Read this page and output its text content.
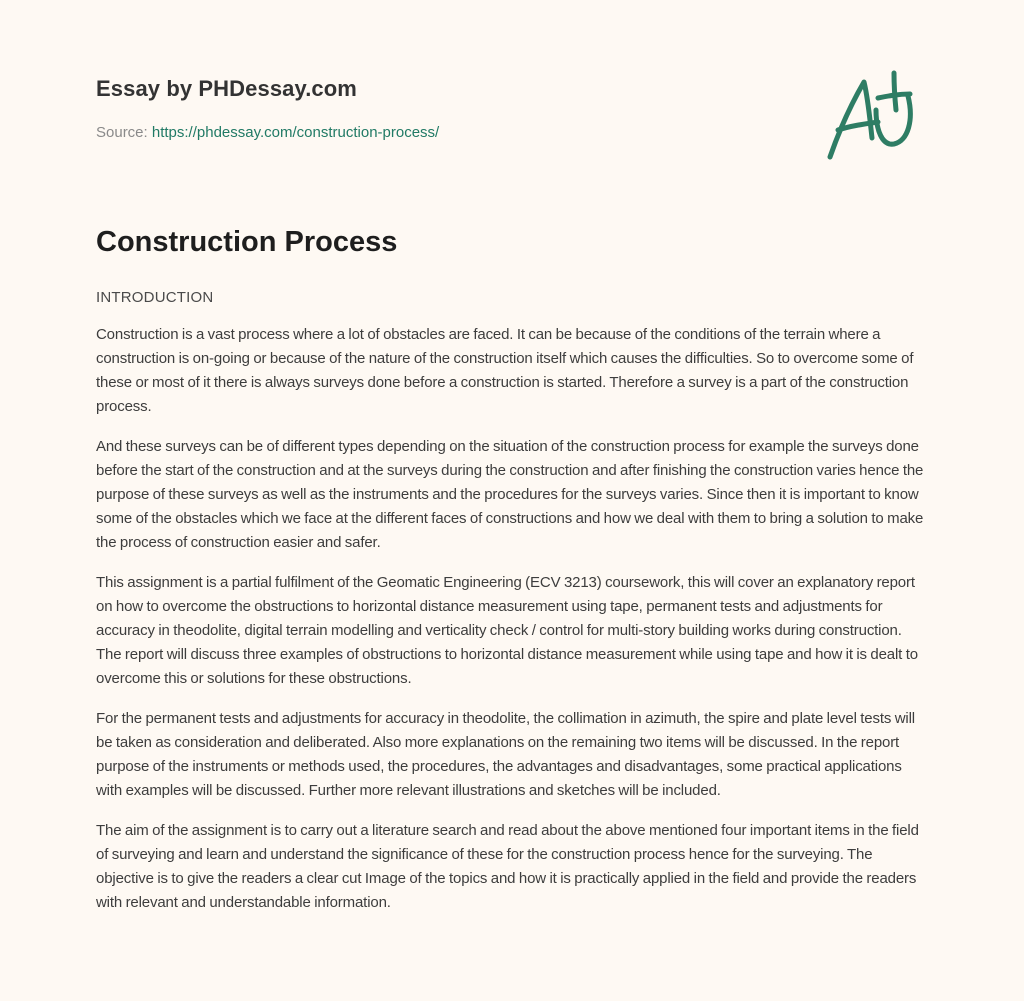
Essay by PHDessay.com
Source: https://phdessay.com/construction-process/
Construction Process

INTRODUCTION

Construction is a vast process where a lot of obstacles are faced. It can be because of the conditions of the terrain where a construction is on-going or because of the nature of the construction itself which causes the difficulties. So to overcome some of these or most of it there is always surveys done before a construction is started. Therefore a survey is a part of the construction process.

And these surveys can be of different types depending on the situation of the construction process for example the surveys done before the start of the construction and at the surveys during the construction and after finishing the construction varies hence the purpose of these surveys as well as the instruments and the procedures for the surveys varies. Since then it is important to know some of the obstacles which we face at the different faces of constructions and how we deal with them to bring a solution to make the process of construction easier and safer.

This assignment is a partial fulfilment of the Geomatic Engineering (ECV 3213) coursework, this will cover an explanatory report on how to overcome the obstructions to horizontal distance measurement using tape, permanent tests and adjustments for accuracy in theodolite, digital terrain modelling and verticality check / control for multi-story building works during construction. The report will discuss three examples of obstructions to horizontal distance measurement while using tape and how it is dealt to overcome this or solutions for these obstructions.

For the permanent tests and adjustments for accuracy in theodolite, the collimation in azimuth, the spire and plate level tests will be taken as consideration and deliberated. Also more explanations on the remaining two items will be discussed. In the report purpose of the instruments or methods used, the procedures, the advantages and disadvantages, some practical applications with examples will be discussed. Further more relevant illustrations and sketches will be included.

The aim of the assignment is to carry out a literature search and read about the above mentioned four important items in the field of surveying and learn and understand the significance of these for the construction process hence for the surveying. The objective is to give the readers a clear cut Image of the topics and how it is practically applied in the field and provide the readers with relevant and understandable information.
